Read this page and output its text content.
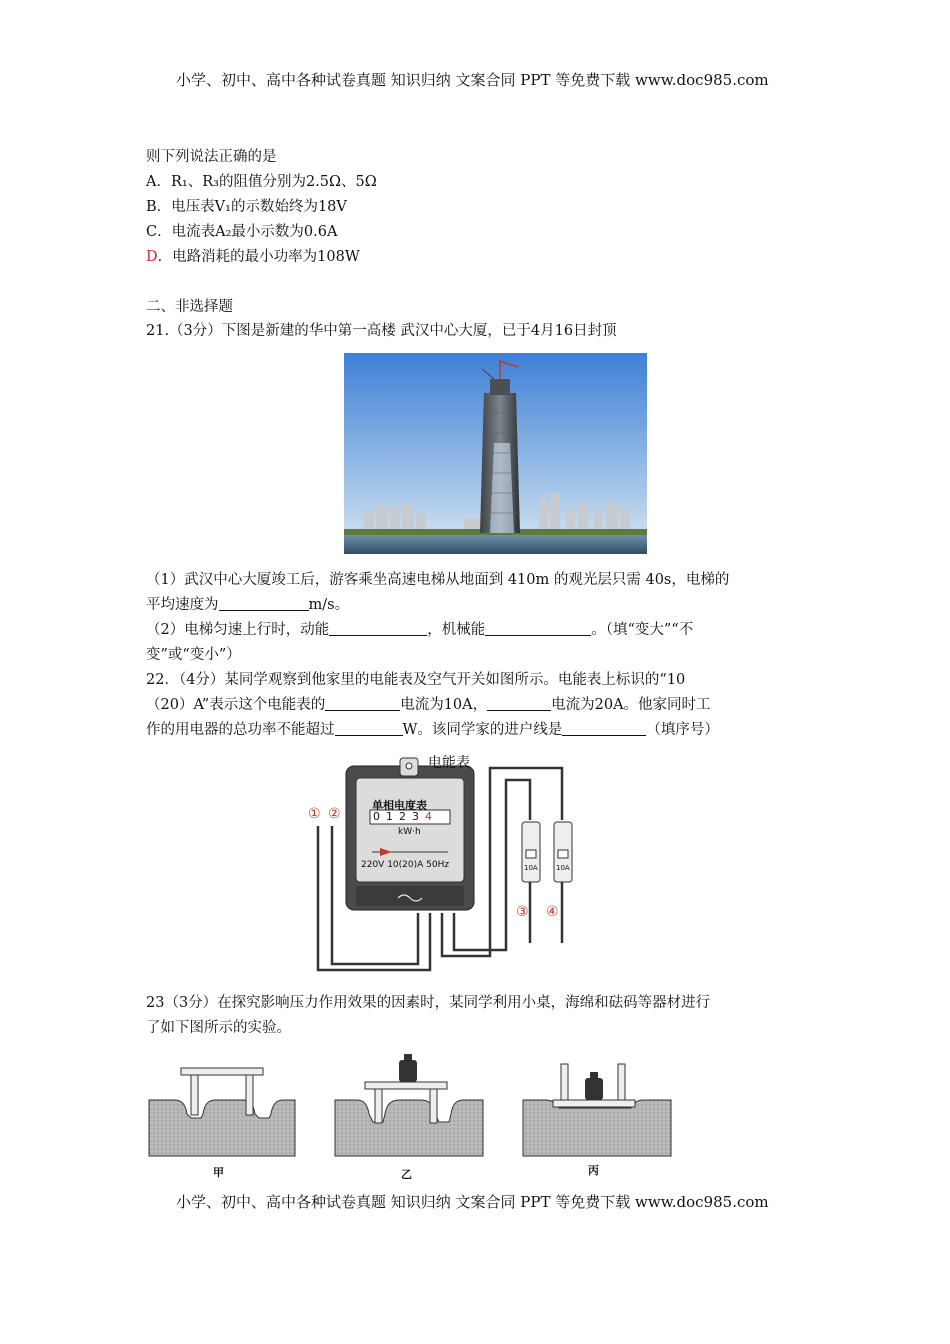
小学、初中、高中各种试卷真题 知识归纳 文案合同 PPT 等免费下载 www.doc985.com
则下列说法正确的是
A．R₁、R₃的阻值分别为2.5Ω、5Ω
B．电压表V₁的示数始终为18V
C．电流表A₂最小示数为0.6A
D．电路消耗的最小功率为108W
二、非选择题
21.（3分）下图是新建的华中第一高楼 武汉中心大厦，已于4月16日封顶
（1）武汉中心大厦竣工后，游客乘坐高速电梯从地面到 410m 的观光层只需 40s，电梯的
平均速度为	m/s。
（2）电梯匀速上行时，动能	，机械能	。（填“变大”“不
变”或“变小”）
22．（4分）某同学观察到他家里的电能表及空气开关如图所示。电能表上标识的“10
（20）A”表示这个电能表的	电流为10A，	电流为20A。他家同时工
作的用电器的总功率不能超过	W。该同学家的进户线是	（填序号）
电能表
单相电度表
01234
kW·h
220V 10(20)A 50Hz
① ②
③ ④
10A	10A
23（3分）在探究影响压力作用效果的因素时，某同学利用小桌，海绵和砝码等器材进行
了如下图所示的实验。
甲	乙	丙
小学、初中、高中各种试卷真题 知识归纳 文案合同 PPT 等免费下载 www.doc985.com
